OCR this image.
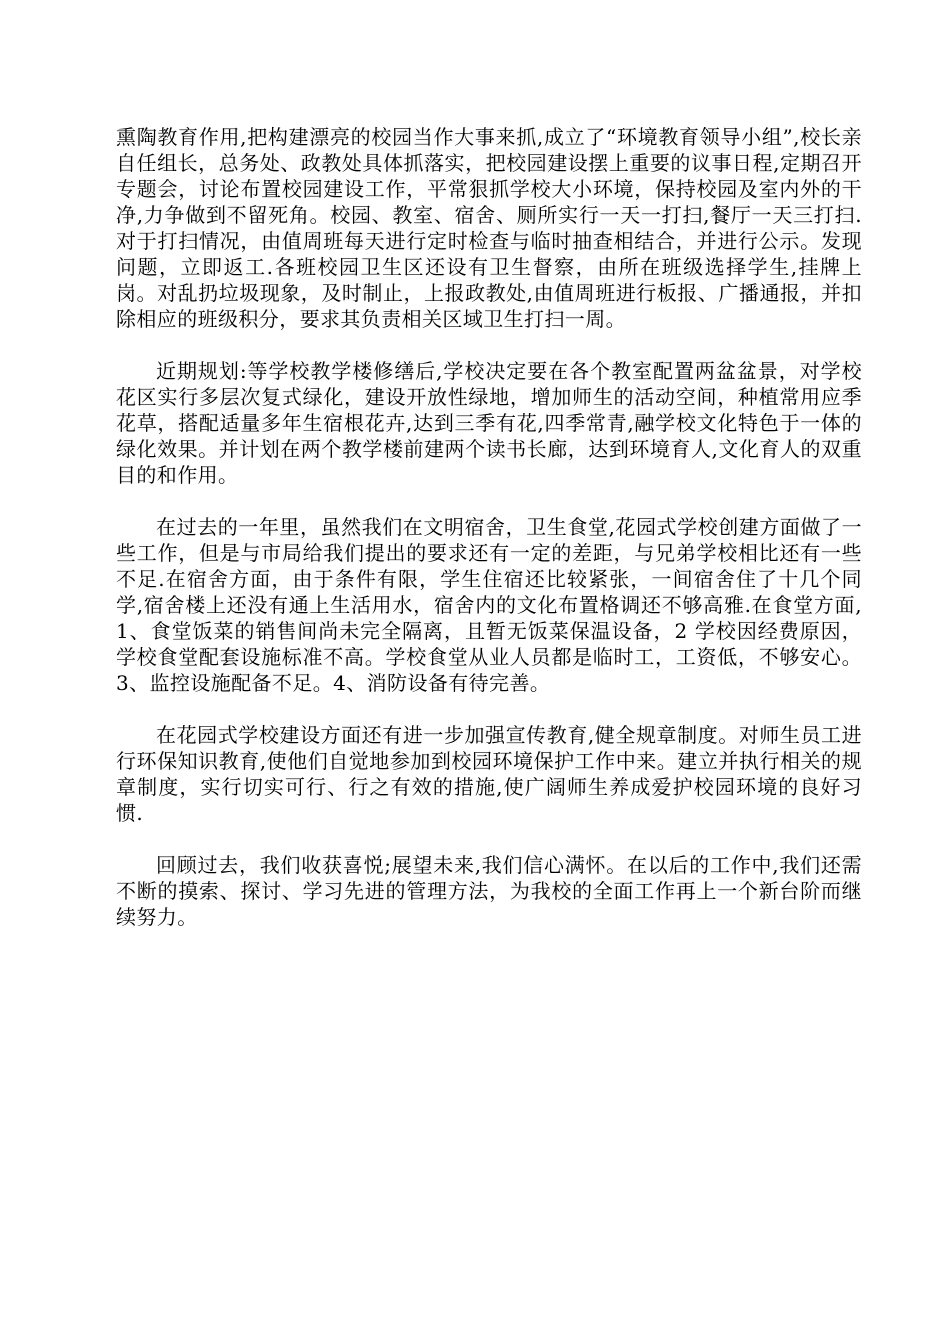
熏陶教育作用,把构建漂亮的校园当作大事来抓,成立了“环境教育领导小组”,校长亲自任组长，总务处、政教处具体抓落实，把校园建设摆上重要的议事日程,定期召开专题会，讨论布置校园建设工作，平常狠抓学校大小环境，保持校园及室内外的干净,力争做到不留死角。校园、教室、宿舍、厕所实行一天一打扫,餐厅一天三打扫.对于打扫情况，由值周班每天进行定时检查与临时抽查相结合，并进行公示。发现问题，立即返工.各班校园卫生区还设有卫生督察，由所在班级选择学生,挂牌上岗。对乱扔垃圾现象，及时制止，上报政教处,由值周班进行板报、广播通报，并扣除相应的班级积分，要求其负责相关区域卫生打扫一周。

近期规划:等学校教学楼修缮后,学校决定要在各个教室配置两盆盆景，对学校花区实行多层次复式绿化，建设开放性绿地，增加师生的活动空间，种植常用应季花草，搭配适量多年生宿根花卉,达到三季有花,四季常青,融学校文化特色于一体的绿化效果。并计划在两个教学楼前建两个读书长廊，达到环境育人,文化育人的双重目的和作用。

在过去的一年里，虽然我们在文明宿舍，卫生食堂,花园式学校创建方面做了一些工作，但是与市局给我们提出的要求还有一定的差距，与兄弟学校相比还有一些不足.在宿舍方面，由于条件有限，学生住宿还比较紧张，一间宿舍住了十几个同学,宿舍楼上还没有通上生活用水，宿舍内的文化布置格调还不够高雅.在食堂方面,1、食堂饭菜的销售间尚未完全隔离，且暂无饭菜保温设备，2 学校因经费原因，学校食堂配套设施标准不高。学校食堂从业人员都是临时工，工资低，不够安心。3、监控设施配备不足。4、消防设备有待完善。

在花园式学校建设方面还有进一步加强宣传教育,健全规章制度。对师生员工进行环保知识教育,使他们自觉地参加到校园环境保护工作中来。建立并执行相关的规章制度，实行切实可行、行之有效的措施,使广阔师生养成爱护校园环境的良好习惯.

回顾过去，我们收获喜悦;展望未来,我们信心满怀。在以后的工作中,我们还需不断的摸索、探讨、学习先进的管理方法，为我校的全面工作再上一个新台阶而继续努力。
